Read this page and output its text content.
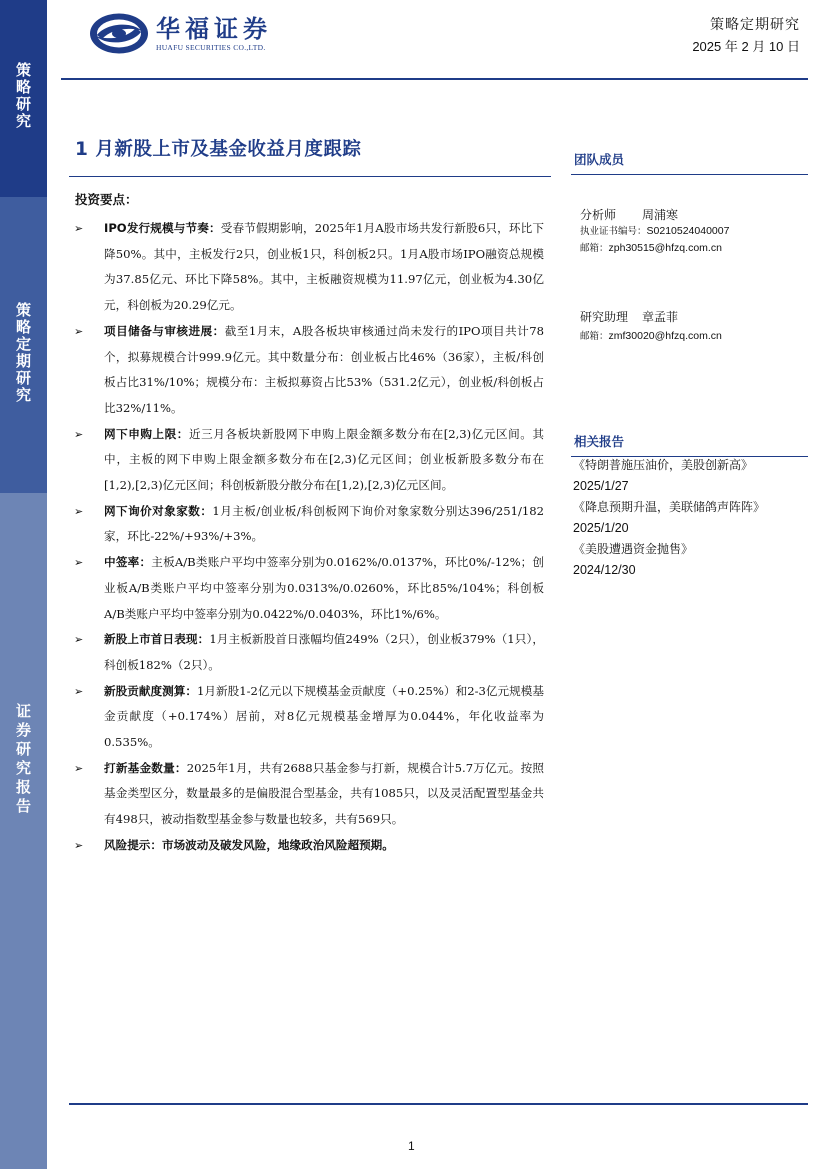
策略研究
策略定期研究
证券研究报告
华福证券
HUAFU SECURITIES CO.,LTD.
策略定期研究
2025 年 2 月 10 日
1 月新股上市及基金收益月度跟踪
投资要点：
➢ IPO发行规模与节奏：受春节假期影响，2025年1月A股市场共发行新股6只，环比下降50%。其中，主板发行2只，创业板1只，科创板2只。1月A股市场IPO融资总规模为37.85亿元、环比下降58%。其中，主板融资规模为11.97亿元，创业板为4.30亿元，科创板为20.29亿元。
➢ 项目储备与审核进展：截至1月末，A股各板块审核通过尚未发行的IPO项目共计78个，拟募规模合计999.9亿元。其中数量分布：创业板占比46%（36家），主板/科创板占比31%/10%；规模分布：主板拟募资占比53%（531.2亿元），创业板/科创板占比32%/11%。
➢ 网下申购上限：近三月各板块新股网下申购上限金额多数分布在[2,3)亿元区间。其中，主板的网下申购上限金额多数分布在[2,3)亿元区间；创业板新股多数分布在[1,2),[2,3)亿元区间；科创板新股分散分布在[1,2),[2,3)亿元区间。
➢ 网下询价对象家数：1月主板/创业板/科创板网下询价对象家数分别达396/251/182家，环比-22%/+93%/+3%。
➢ 中签率：主板A/B类账户平均中签率分别为0.0162%/0.0137%，环比0%/-12%；创业板A/B类账户平均中签率分别为0.0313%/0.0260%，环比85%/104%；科创板A/B类账户平均中签率分别为0.0422%/0.0403%，环比1%/6%。
➢ 新股上市首日表现：1月主板新股首日涨幅均值249%（2只），创业板379%（1只），科创板182%（2只）。
➢ 新股贡献度测算：1月新股1-2亿元以下规模基金贡献度（+0.25%）和2-3亿元规模基金贡献度（+0.174%）居前，对8亿元规模基金增厚为0.044%，年化收益率为0.535%。
➢ 打新基金数量：2025年1月，共有2688只基金参与打新，规模合计5.7万亿元。按照基金类型区分，数量最多的是偏股混合型基金，共有1085只，以及灵活配置型基金共有498只，被动指数型基金参与数量也较多，共有569只。
➢ 风险提示：市场波动及破发风险，地缘政治风险超预期。
团队成员
分析师 周浦寒
执业证书编号：S0210524040007
邮箱：zph30515@hfzq.com.cn
研究助理 章孟菲
邮箱：zmf30020@hfzq.com.cn
相关报告
《特朗普施压油价，美股创新高》
2025/1/27
《降息预期升温，美联储鸽声阵阵》
2025/1/20
《美股遭遇资金抛售》
2024/12/30
1
